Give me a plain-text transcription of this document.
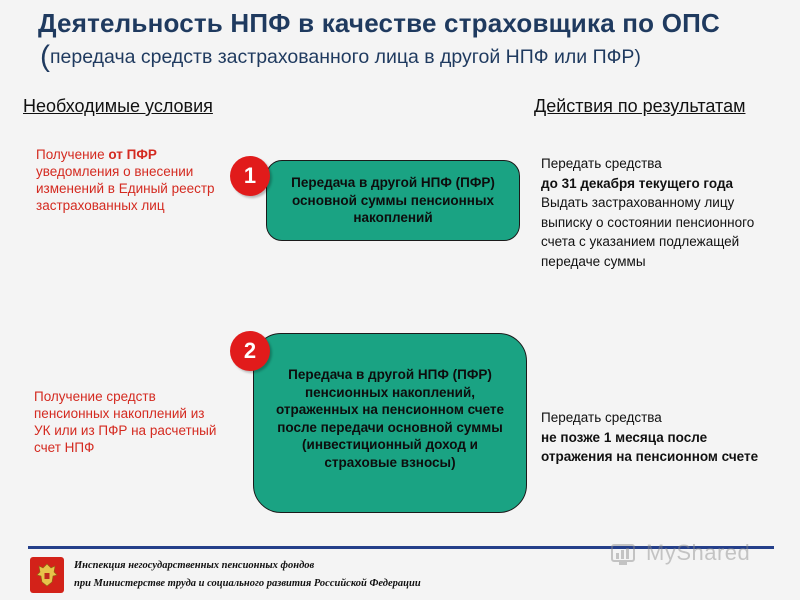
Деятельность НПФ в качестве страховщика по ОПС
(передача средств застрахованного лица в другой НПФ или ПФР)
Необходимые условия	Действия по результатам
Получение от ПФР уведомления о внесении изменений в Единый реестр застрахованных лиц
Передача в другой НПФ (ПФР) основной суммы пенсионных накоплений
1	Передать средства
до 31 декабря текущего года
Выдать застрахованному лицу выписку о состоянии пенсионного счета с указанием подлежащей передаче суммы
Получение средств пенсионных накоплений из УК или из ПФР на расчетный счет НПФ
Передача в другой НПФ (ПФР) пенсионных накоплений, отраженных на пенсионном счете после передачи основной суммы (инвестиционный доход и страховые взносы)
2
Передать средства
не позже 1 месяца после отражения на пенсионном счете
Инспекция негосударственных пенсионных фондов
при Министерстве труда и социального развития Российской Федерации
MyShared
